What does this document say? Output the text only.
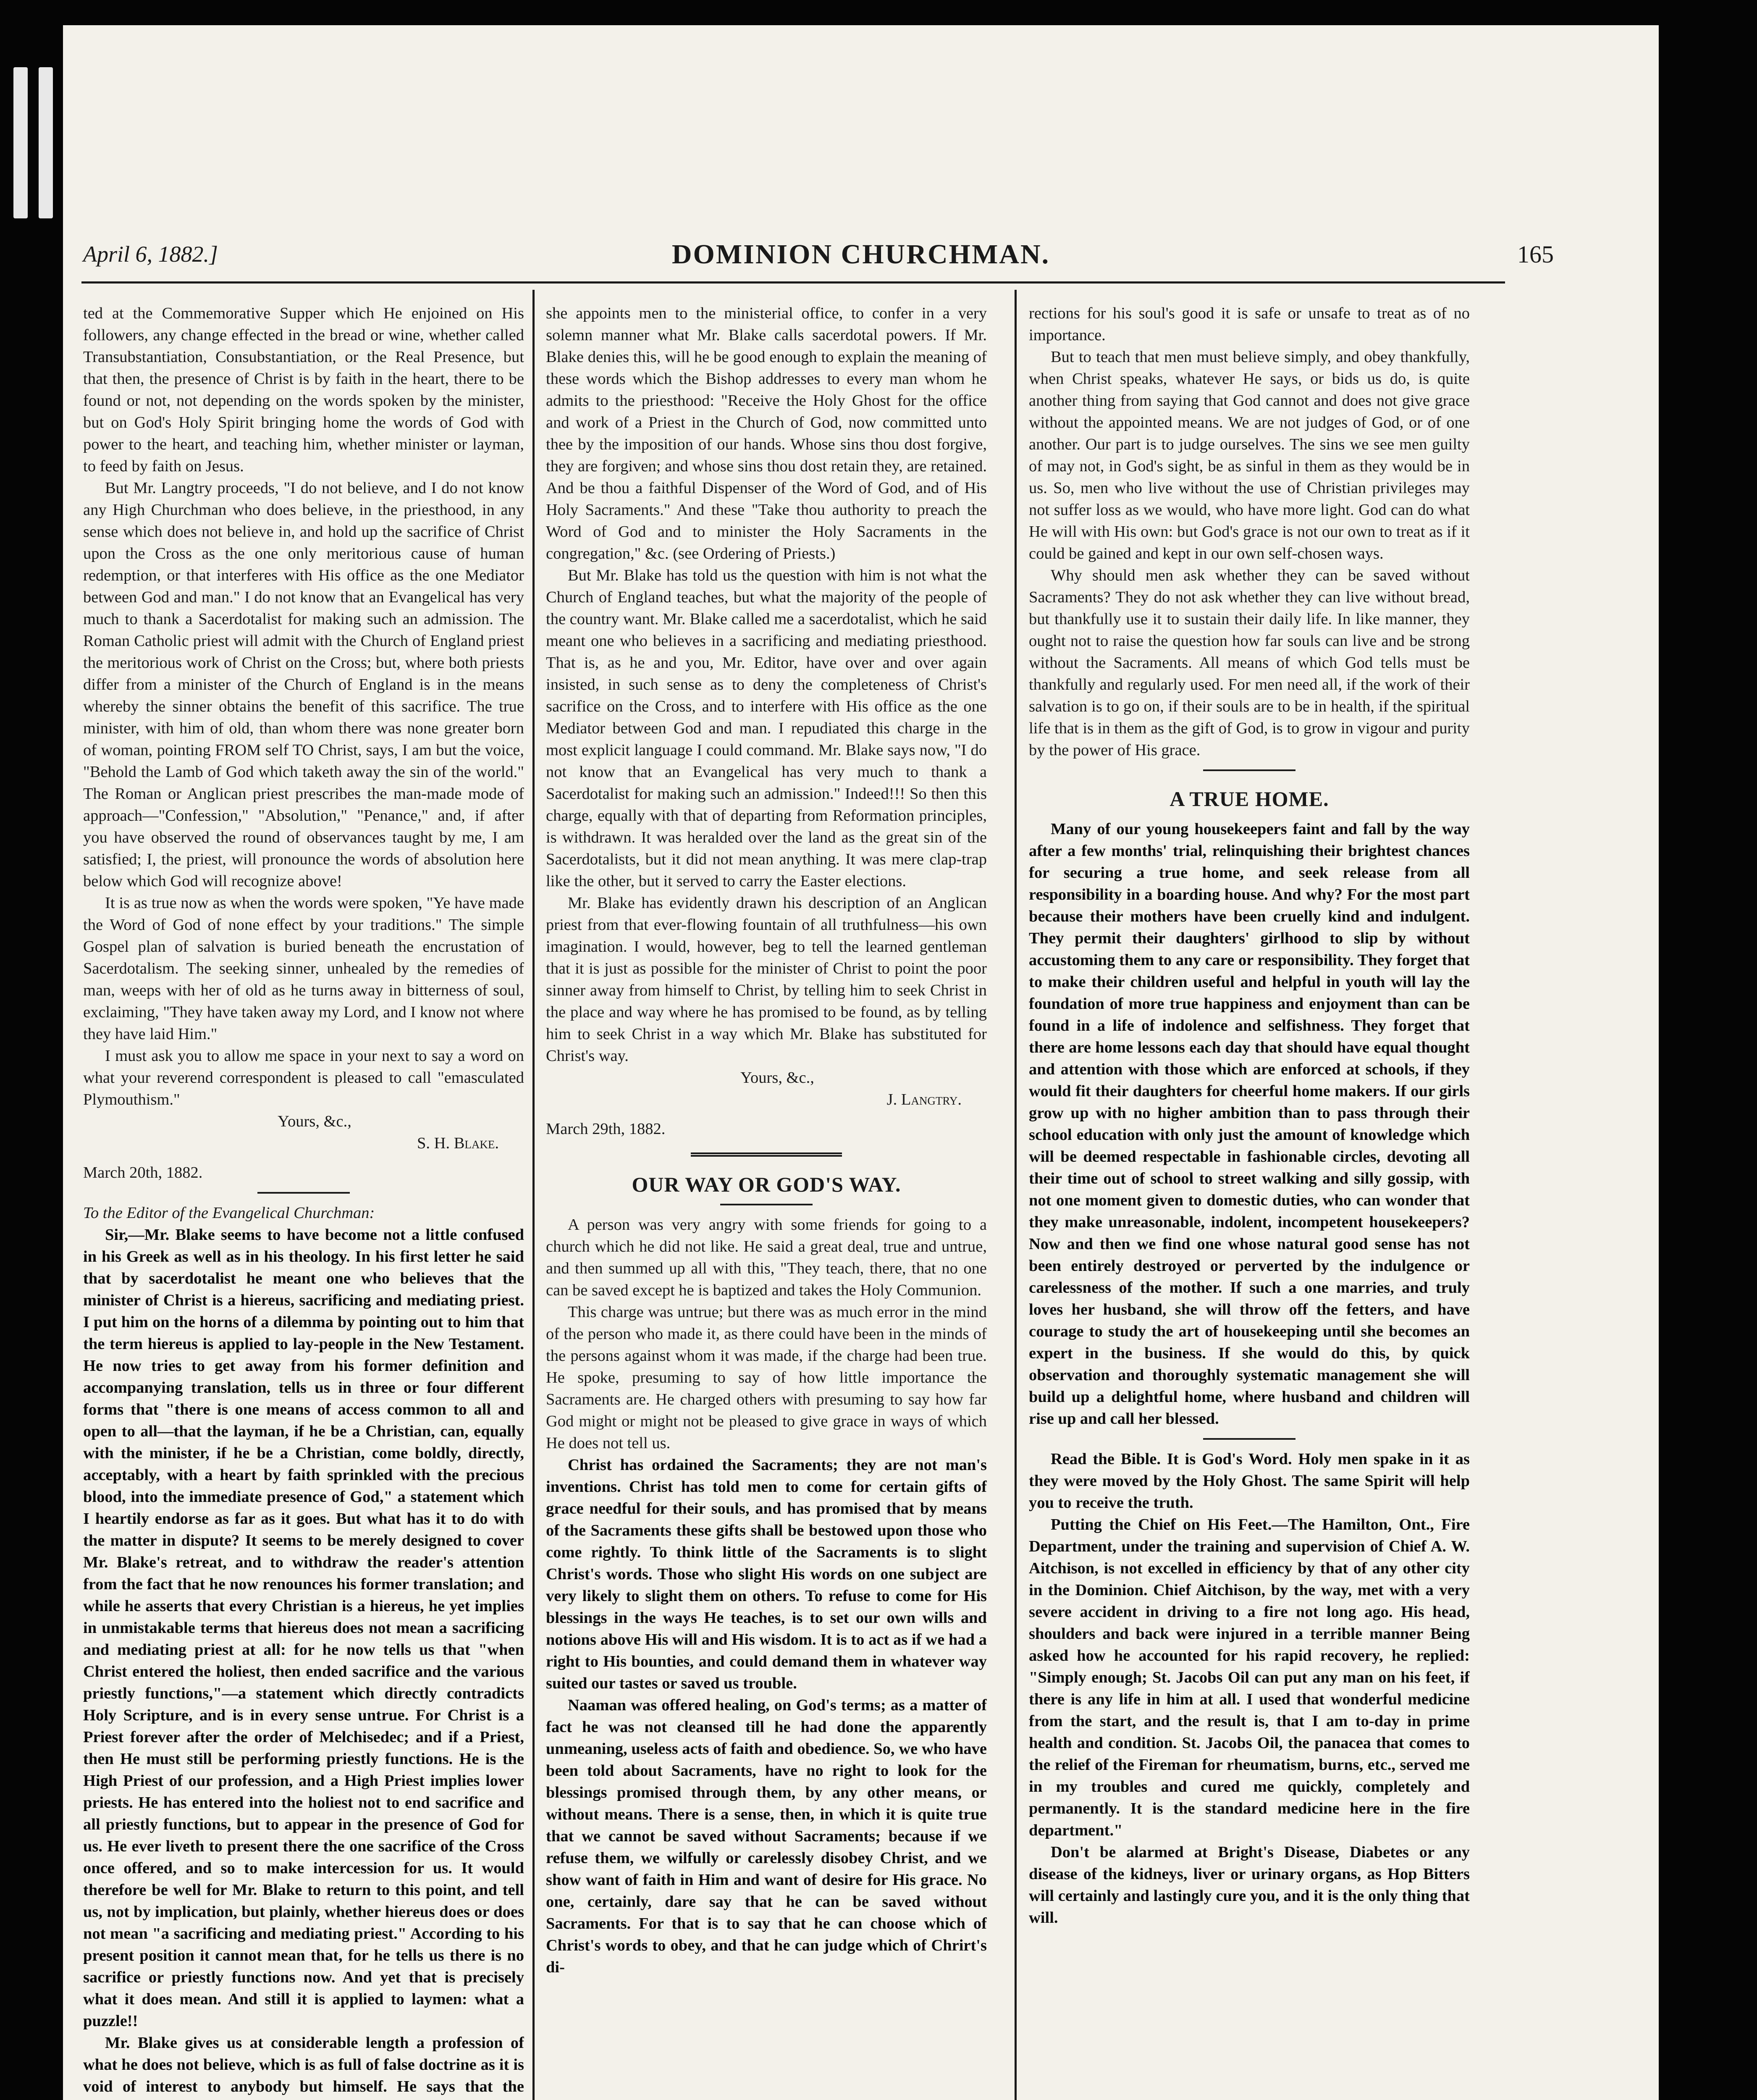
April 6, 1882.]	DOMINION CHURCHMAN.	165

ted at the Commemorative Supper which He enjoined on His followers, any change effected in the bread or wine, whether called Transubstantiation, Consubstantiation, or the Real Presence, but that then, the presence of Christ is by faith in the heart, there to be found or not, not depending on the words spoken by the minister, but on God's Holy Spirit bringing home the words of God with power to the heart, and teaching him, whether minister or layman, to feed by faith on Jesus.

But Mr. Langtry proceeds, "I do not believe, and I do not know any High Churchman who does believe, in the priesthood, in any sense which does not believe in, and hold up the sacrifice of Christ upon the Cross as the one only meritorious cause of human redemption, or that interferes with His office as the one Mediator between God and man." I do not know that an Evangelical has very much to thank a Sacerdotalist for making such an admission. The Roman Catholic priest will admit with the Church of England priest the meritorious work of Christ on the Cross; but, where both priests differ from a minister of the Church of England is in the means whereby the sinner obtains the benefit of this sacrifice. The true minister, with him of old, than whom there was none greater born of woman, pointing FROM self TO Christ, says, I am but the voice, "Behold the Lamb of God which taketh away the sin of the world." The Roman or Anglican priest prescribes the man-made mode of approach—"Confession," "Absolution," "Penance," and, if after you have observed the round of observances taught by me, I am satisfied; I, the priest, will pronounce the words of absolution here below which God will recognize above!

It is as true now as when the words were spoken, "Ye have made the Word of God of none effect by your traditions." The simple Gospel plan of salvation is buried beneath the encrustation of Sacerdotalism. The seeking sinner, unhealed by the remedies of man, weeps with her of old as he turns away in bitterness of soul, exclaiming, "They have taken away my Lord, and I know not where they have laid Him."

I must ask you to allow me space in your next to say a word on what your reverend correspondent is pleased to call "emasculated Plymouthism."

Yours, &c.,

S. H. Blake.

March 20th, 1882.

To the Editor of the Evangelical Churchman:

Sir,—Mr. Blake seems to have become not a little confused in his Greek as well as in his theology. In his first letter he said that by sacerdotalist he meant one who believes that the minister of Christ is a hiereus, sacrificing and mediating priest. I put him on the horns of a dilemma by pointing out to him that the term hiereus is applied to lay-people in the New Testament. He now tries to get away from his former definition and accompanying translation, tells us in three or four different forms that "there is one means of access common to all and open to all—that the layman, if he be a Christian, can, equally with the minister, if he be a Christian, come boldly, directly, acceptably, with a heart by faith sprinkled with the precious blood, into the immediate presence of God," a statement which I heartily endorse as far as it goes. But what has it to do with the matter in dispute? It seems to be merely designed to cover Mr. Blake's retreat, and to withdraw the reader's attention from the fact that he now renounces his former translation; and while he asserts that every Christian is a hiereus, he yet implies in unmistakable terms that hiereus does not mean a sacrificing and mediating priest at all: for he now tells us that "when Christ entered the holiest, then ended sacrifice and the various priestly functions,"—a statement which directly contradicts Holy Scripture, and is in every sense untrue. For Christ is a Priest forever after the order of Melchisedec; and if a Priest, then He must still be performing priestly functions. He is the High Priest of our profession, and a High Priest implies lower priests. He has entered into the holiest not to end sacrifice and all priestly functions, but to appear in the presence of God for us. He ever liveth to present there the one sacrifice of the Cross once offered, and so to make intercession for us. It would therefore be well for Mr. Blake to return to this point, and tell us, not by implication, but plainly, whether hiereus does or does not mean "a sacrificing and mediating priest." According to his present position it cannot mean that, for he tells us there is no sacrifice or priestly functions now. And yet that is precisely what it does mean. And still it is applied to laymen: what a puzzle!!

Mr. Blake gives us at considerable length a profession of what he does not believe, which is as full of false doctrine as it is void of interest to anybody but himself. He says that the

she appoints men to the ministerial office, to confer in a very solemn manner what Mr. Blake calls sacerdotal powers. If Mr. Blake denies this, will he be good enough to explain the meaning of these words which the Bishop addresses to every man whom he admits to the priesthood: "Receive the Holy Ghost for the office and work of a Priest in the Church of God, now committed unto thee by the imposition of our hands. Whose sins thou dost forgive, they are forgiven; and whose sins thou dost retain they, are retained. And be thou a faithful Dispenser of the Word of God, and of His Holy Sacraments." And these "Take thou authority to preach the Word of God and to minister the Holy Sacraments in the congregation," &c. (see Ordering of Priests.)

But Mr. Blake has told us the question with him is not what the Church of England teaches, but what the majority of the people of the country want. Mr. Blake called me a sacerdotalist, which he said meant one who believes in a sacrificing and mediating priesthood. That is, as he and you, Mr. Editor, have over and over again insisted, in such sense as to deny the completeness of Christ's sacrifice on the Cross, and to interfere with His office as the one Mediator between God and man. I repudiated this charge in the most explicit language I could command. Mr. Blake says now, "I do not know that an Evangelical has very much to thank a Sacerdotalist for making such an admission." Indeed!!! So then this charge, equally with that of departing from Reformation principles, is withdrawn. It was heralded over the land as the great sin of the Sacerdotalists, but it did not mean anything. It was mere clap-trap like the other, but it served to carry the Easter elections.

Mr. Blake has evidently drawn his description of an Anglican priest from that ever-flowing fountain of all truthfulness—his own imagination. I would, however, beg to tell the learned gentleman that it is just as possible for the minister of Christ to point the poor sinner away from himself to Christ, by telling him to seek Christ in the place and way where he has promised to be found, as by telling him to seek Christ in a way which Mr. Blake has substituted for Christ's way.

Yours, &c.,

J. Langtry.

March 29th, 1882.

OUR WAY OR GOD'S WAY.

A person was very angry with some friends for going to a church which he did not like. He said a great deal, true and untrue, and then summed up all with this, "They teach, there, that no one can be saved except he is baptized and takes the Holy Communion.

This charge was untrue; but there was as much error in the mind of the person who made it, as there could have been in the minds of the persons against whom it was made, if the charge had been true. He spoke, presuming to say of how little importance the Sacraments are. He charged others with presuming to say how far God might or might not be pleased to give grace in ways of which He does not tell us.

Christ has ordained the Sacraments; they are not man's inventions. Christ has told men to come for certain gifts of grace needful for their souls, and has promised that by means of the Sacraments these gifts shall be bestowed upon those who come rightly. To think little of the Sacraments is to slight Christ's words. Those who slight His words on one subject are very likely to slight them on others. To refuse to come for His blessings in the ways He teaches, is to set our own wills and notions above His will and His wisdom. It is to act as if we had a right to His bounties, and could demand them in whatever way suited our tastes or saved us trouble.

Naaman was offered healing, on God's terms; as a matter of fact he was not cleansed till he had done the apparently unmeaning, useless acts of faith and obedience. So, we who have been told about Sacraments, have no right to look for the blessings promised through them, by any other means, or without means. There is a sense, then, in which it is quite true that we cannot be saved without Sacraments; because if we refuse them, we wilfully or carelessly disobey Christ, and we show want of faith in Him and want of desire for His grace. No one, certainly, dare say that he can be saved without Sacraments. For that is to say that he can choose which of Christ's words to obey, and that he can judge which of Chrirt's di-

rections for his soul's good it is safe or unsafe to treat as of no importance.

But to teach that men must believe simply, and obey thankfully, when Christ speaks, whatever He says, or bids us do, is quite another thing from saying that God cannot and does not give grace without the appointed means. We are not judges of God, or of one another. Our part is to judge ourselves. The sins we see men guilty of may not, in God's sight, be as sinful in them as they would be in us. So, men who live without the use of Christian privileges may not suffer loss as we would, who have more light. God can do what He will with His own: but God's grace is not our own to treat as if it could be gained and kept in our own self-chosen ways.

Why should men ask whether they can be saved without Sacraments? They do not ask whether they can live without bread, but thankfully use it to sustain their daily life. In like manner, they ought not to raise the question how far souls can live and be strong without the Sacraments. All means of which God tells must be thankfully and regularly used. For men need all, if the work of their salvation is to go on, if their souls are to be in health, if the spiritual life that is in them as the gift of God, is to grow in vigour and purity by the power of His grace.

A TRUE HOME.

Many of our young housekeepers faint and fall by the way after a few months' trial, relinquishing their brightest chances for securing a true home, and seek release from all responsibility in a boarding house. And why? For the most part because their mothers have been cruelly kind and indulgent. They permit their daughters' girlhood to slip by without accustoming them to any care or responsibility. They forget that to make their children useful and helpful in youth will lay the foundation of more true happiness and enjoyment than can be found in a life of indolence and selfishness. They forget that there are home lessons each day that should have equal thought and attention with those which are enforced at schools, if they would fit their daughters for cheerful home makers. If our girls grow up with no higher ambition than to pass through their school education with only just the amount of knowledge which will be deemed respectable in fashionable circles, devoting all their time out of school to street walking and silly gossip, with not one moment given to domestic duties, who can wonder that they make unreasonable, indolent, incompetent housekeepers? Now and then we find one whose natural good sense has not been entirely destroyed or perverted by the indulgence or carelessness of the mother. If such a one marries, and truly loves her husband, she will throw off the fetters, and have courage to study the art of housekeeping until she becomes an expert in the business. If she would do this, by quick observation and thoroughly systematic management she will build up a delightful home, where husband and children will rise up and call her blessed.

Read the Bible. It is God's Word. Holy men spake in it as they were moved by the Holy Ghost. The same Spirit will help you to receive the truth.

Putting the Chief on His Feet.—The Hamilton, Ont., Fire Department, under the training and supervision of Chief A. W. Aitchison, is not excelled in efficiency by that of any other city in the Dominion. Chief Aitchison, by the way, met with a very severe accident in driving to a fire not long ago. His head, shoulders and back were injured in a terrible manner Being asked how he accounted for his rapid recovery, he replied: "Simply enough; St. Jacobs Oil can put any man on his feet, if there is any life in him at all. I used that wonderful medicine from the start, and the result is, that I am to-day in prime health and condition. St. Jacobs Oil, the panacea that comes to the relief of the Fireman for rheumatism, burns, etc., served me in my troubles and cured me quickly, completely and permanently. It is the standard medicine here in the fire department."

Don't be alarmed at Bright's Disease, Diabetes or any disease of the kidneys, liver or urinary organs, as Hop Bitters will certainly and lastingly cure you, and it is the only thing that will.
